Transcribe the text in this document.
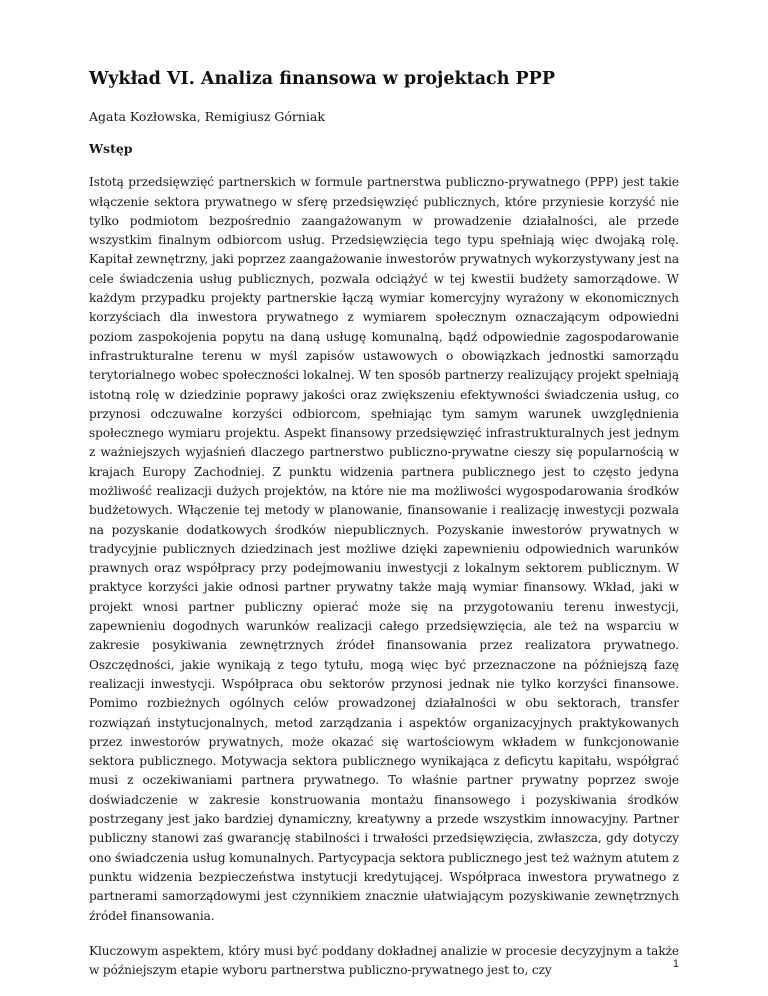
Wykład VI. Analiza finansowa w projektach PPP

Agata Kozłowska, Remigiusz Górniak

Wstęp

Istotą przedsięwzięć partnerskich w formule partnerstwa publiczno-prywatnego (PPP) jest takie włączenie sektora prywatnego w sferę przedsięwzięć publicznych, które przyniesie korzyść nie tylko podmiotom bezpośrednio zaangażowanym w prowadzenie działalności, ale przede wszystkim finalnym odbiorcom usług. Przedsięwzięcia tego typu spełniają więc dwojaką rolę. Kapitał zewnętrzny, jaki poprzez zaangażowanie inwestorów prywatnych wykorzystywany jest na cele świadczenia usług publicznych, pozwala odciążyć w tej kwestii budżety samorządowe. W każdym przypadku projekty partnerskie łączą wymiar komercyjny wyrażony w ekonomicznych korzyściach dla inwestora prywatnego z wymiarem społecznym oznaczającym odpowiedni poziom zaspokojenia popytu na daną usługę komunalną, bądź odpowiednie zagospodarowanie infrastrukturalne terenu w myśl zapisów ustawowych o obowiązkach jednostki samorządu terytorialnego wobec społeczności lokalnej. W ten sposób partnerzy realizujący projekt spełniają istotną rolę w dziedzinie poprawy jakości oraz zwiększeniu efektywności świadczenia usług, co przynosi odczuwalne korzyści odbiorcom, spełniając tym samym warunek uwzględnienia społecznego wymiaru projektu. Aspekt finansowy przedsięwzięć infrastrukturalnych jest jednym z ważniejszych wyjaśnień dlaczego partnerstwo publiczno-prywatne cieszy się popularnością w krajach Europy Zachodniej. Z punktu widzenia partnera publicznego jest to często jedyna możliwość realizacji dużych projektów, na które nie ma możliwości wygospodarowania środków budżetowych. Włączenie tej metody w planowanie, finansowanie i realizację inwestycji pozwala na pozyskanie dodatkowych środków niepublicznych. Pozyskanie inwestorów prywatnych w tradycyjnie publicznych dziedzinach jest możliwe dzięki zapewnieniu odpowiednich warunków prawnych oraz współpracy przy podejmowaniu inwestycji z lokalnym sektorem publicznym. W praktyce korzyści jakie odnosi partner prywatny także mają wymiar finansowy. Wkład, jaki w projekt wnosi partner publiczny opierać może się na przygotowaniu terenu inwestycji, zapewnieniu dogodnych warunków realizacji całego przedsięwzięcia, ale też na wsparciu w zakresie posykiwania zewnętrznych źródeł finansowania przez realizatora prywatnego. Oszczędności, jakie wynikają z tego tytułu, mogą więc być przeznaczone na późniejszą fazę realizacji inwestycji. Współpraca obu sektorów przynosi jednak nie tylko korzyści finansowe. Pomimo rozbieżnych ogólnych celów prowadzonej działalności w obu sektorach, transfer rozwiązań instytucjonalnych, metod zarządzania i aspektów organizacyjnych praktykowanych przez inwestorów prywatnych, może okazać się wartościowym wkładem w funkcjonowanie sektora publicznego. Motywacja sektora publicznego wynikająca z deficytu kapitału, współgrać musi z oczekiwaniami partnera prywatnego. To właśnie partner prywatny poprzez swoje doświadczenie w zakresie konstruowania montażu finansowego i pozyskiwania środków postrzegany jest jako bardziej dynamiczny, kreatywny a przede wszystkim innowacyjny. Partner publiczny stanowi zaś gwarancję stabilności i trwałości przedsięwzięcia, zwłaszcza, gdy dotyczy ono świadczenia usług komunalnych. Partycypacja sektora publicznego jest też ważnym atutem z punktu widzenia bezpieczeństwa instytucji kredytującej. Współpraca inwestora prywatnego z partnerami samorządowymi jest czynnikiem znacznie ułatwiającym pozyskiwanie zewnętrznych źródeł finansowania.

Kluczowym aspektem, który musi być poddany dokładnej analizie w procesie decyzyjnym a także w późniejszym etapie wyboru partnerstwa publiczno-prywatnego jest to, czy	1
